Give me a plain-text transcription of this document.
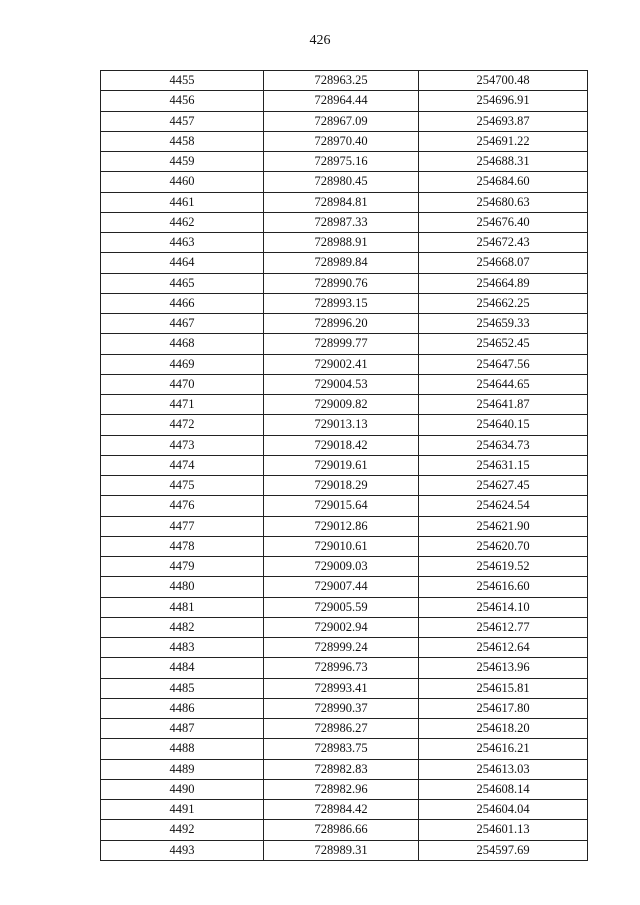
426
4455	728963.25	254700.48
4456	728964.44	254696.91
4457	728967.09	254693.87
4458	728970.40	254691.22
4459	728975.16	254688.31
4460	728980.45	254684.60
4461	728984.81	254680.63
4462	728987.33	254676.40
4463	728988.91	254672.43
4464	728989.84	254668.07
4465	728990.76	254664.89
4466	728993.15	254662.25
4467	728996.20	254659.33
4468	728999.77	254652.45
4469	729002.41	254647.56
4470	729004.53	254644.65
4471	729009.82	254641.87
4472	729013.13	254640.15
4473	729018.42	254634.73
4474	729019.61	254631.15
4475	729018.29	254627.45
4476	729015.64	254624.54
4477	729012.86	254621.90
4478	729010.61	254620.70
4479	729009.03	254619.52
4480	729007.44	254616.60
4481	729005.59	254614.10
4482	729002.94	254612.77
4483	728999.24	254612.64
4484	728996.73	254613.96
4485	728993.41	254615.81
4486	728990.37	254617.80
4487	728986.27	254618.20
4488	728983.75	254616.21
4489	728982.83	254613.03
4490	728982.96	254608.14
4491	728984.42	254604.04
4492	728986.66	254601.13
4493	728989.31	254597.69
